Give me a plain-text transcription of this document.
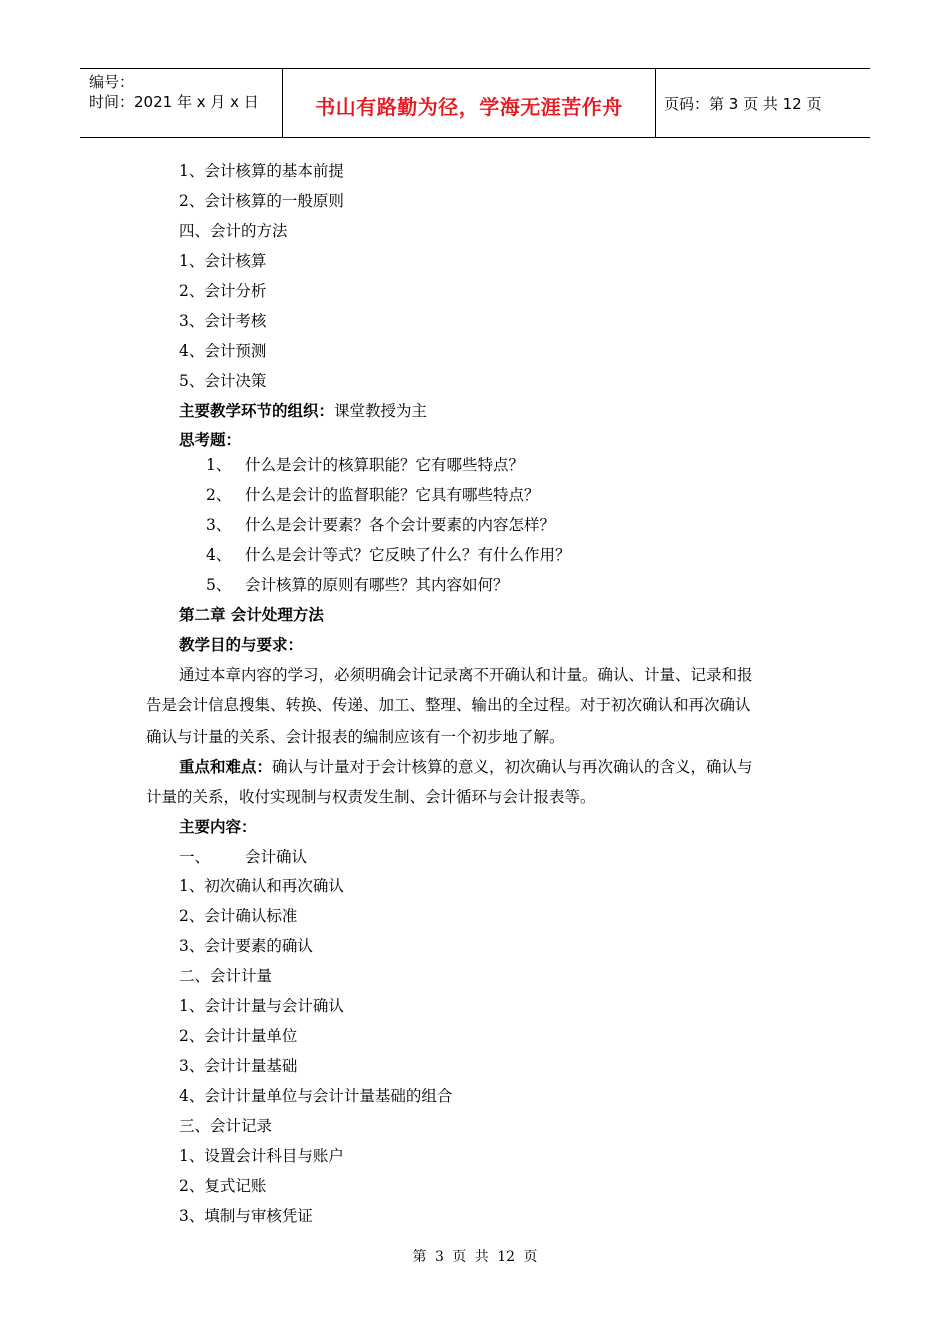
编号：
时间：2021 年 x 月 x 日	书山有路勤为径，学海无涯苦作舟	页码：第 3 页 共 12 页
1、会计核算的基本前提
2、会计核算的一般原则
四、会计的方法
1、会计核算
2、会计分析
3、会计考核
4、会计预测
5、会计决策
主要教学环节的组织：课堂教授为主
思考题：
1、 什么是会计的核算职能？它有哪些特点？
2、 什么是会计的监督职能？它具有哪些特点？
3、 什么是会计要素？各个会计要素的内容怎样？
4、 什么是会计等式？它反映了什么？有什么作用？
5、 会计核算的原则有哪些？其内容如何？
第二章 会计处理方法
教学目的与要求：
通过本章内容的学习，必须明确会计记录离不开确认和计量。确认、计量、记录和报
告是会计信息搜集、转换、传递、加工、整理、输出的全过程。对于初次确认和再次确认
确认与计量的关系、会计报表的编制应该有一个初步地了解。
重点和难点：确认与计量对于会计核算的意义，初次确认与再次确认的含义，确认与
计量的关系，收付实现制与权责发生制、会计循环与会计报表等。
主要内容：
一、 会计确认
1、初次确认和再次确认
2、会计确认标准
3、会计要素的确认
二、会计计量
1、会计计量与会计确认
2、会计计量单位
3、会计计量基础
4、会计计量单位与会计计量基础的组合
三、会计记录
1、设置会计科目与账户
2、复式记账
3、填制与审核凭证
第 3 页 共 12 页
